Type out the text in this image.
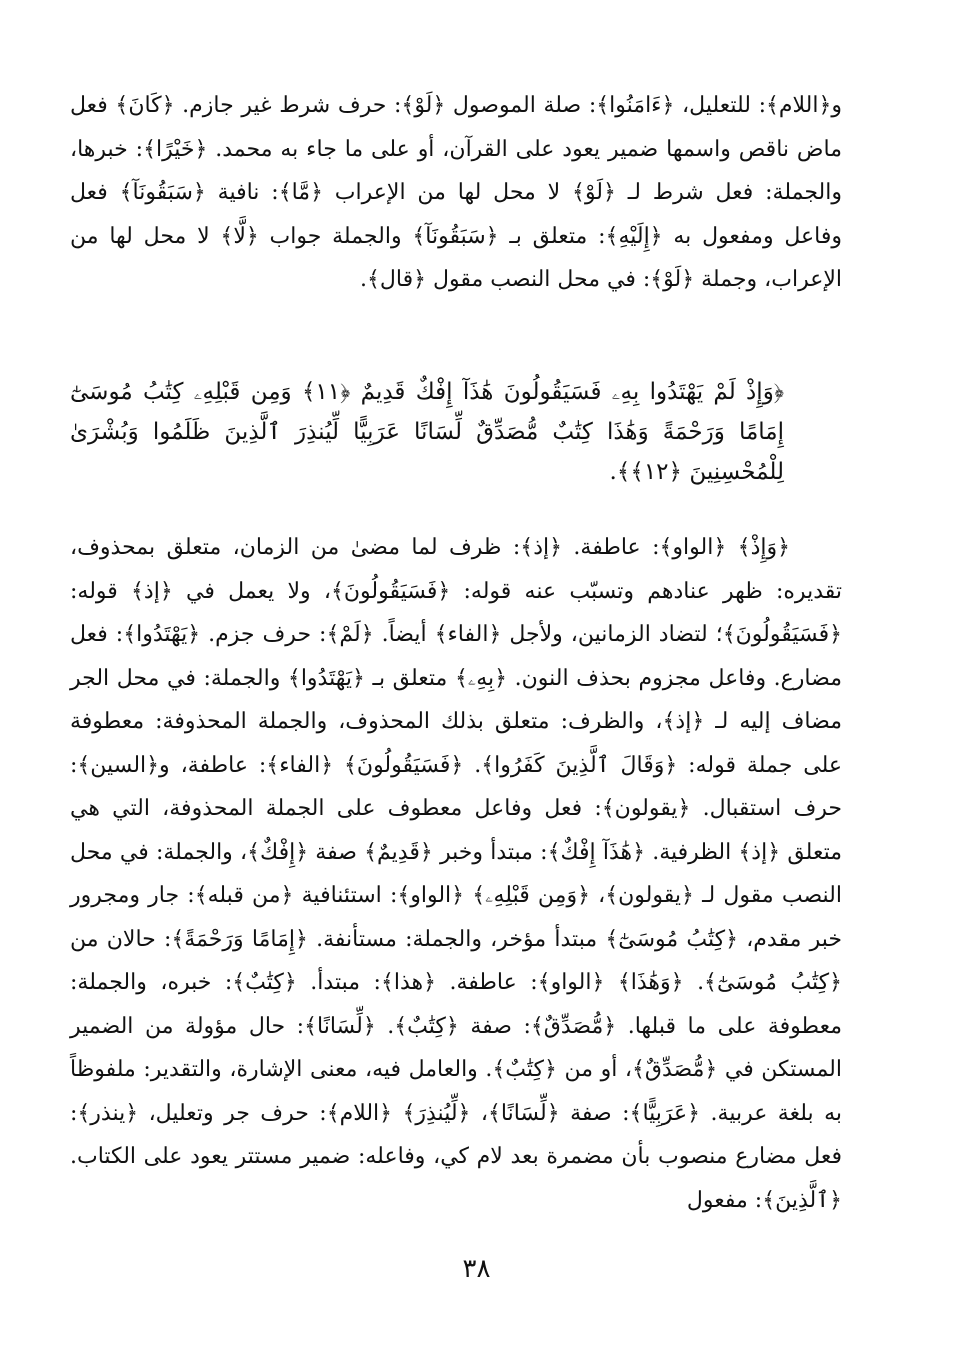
و﴿اللام﴾: للتعليل، ﴿ءَامَنُوا﴾: صلة الموصول ﴿لَوْ﴾: حرف شرط غير جازم. ﴿كَانَ﴾ فعل ماض ناقص واسمها ضمير يعود على القرآن، أو على ما جاء به محمد. ﴿خَيْرًا﴾: خبرها، والجملة: فعل شرط لـ ﴿لَوْ﴾ لا محل لها من الإعراب ﴿مَّا﴾: نافية ﴿سَبَقُونَآ﴾ فعل وفاعل ومفعول به ﴿إِلَيْهِ﴾: متعلق بـ ﴿سَبَقُونَآ﴾ والجملة جواب ﴿لَّا﴾ لا محل لها من الإعراب، وجملة ﴿لَوْ﴾: في محل النصب مقول ﴿قال﴾.

﴿وَإِذْ لَمْ يَهْتَدُوا بِهِۦ فَسَيَقُولُونَ هَٰذَآ إِفْكٌ قَدِيمٌ ﴿١١﴾ وَمِن قَبْلِهِۦ كِتَٰبُ مُوسَىٰٓ إِمَامًا وَرَحْمَةً وَهَٰذَا كِتَٰبٌ مُّصَدِّقٌ لِّسَانًا عَرَبِيًّا لِّيُنذِرَ ٱلَّذِينَ ظَلَمُوا وَبُشْرَىٰ لِلْمُحْسِنِينَ ﴿١٢﴾﴾.

﴿وَإِذْ﴾ ﴿الواو﴾: عاطفة. ﴿إذ﴾: ظرف لما مضىٰ من الزمان، متعلق بمحذوف، تقديره: ظهر عنادهم وتسبّب عنه قوله: ﴿فَسَيَقُولُونَ﴾، ولا يعمل في ﴿إذ﴾ قوله: ﴿فَسَيَقُولُونَ﴾؛ لتضاد الزمانين، ولأجل ﴿الفاء﴾ أيضاً. ﴿لَمْ﴾: حرف جزم. ﴿يَهْتَدُوا﴾: فعل مضارع. وفاعل مجزوم بحذف النون. ﴿بِهِۦ﴾ متعلق بـ ﴿يَهْتَدُوا﴾ والجملة: في محل الجر مضاف إليه لـ ﴿إذ﴾، والظرف: متعلق بذلك المحذوف، والجملة المحذوفة: معطوفة على جملة قوله: ﴿وَقَالَ ٱلَّذِينَ كَفَرُوا﴾. ﴿فَسَيَقُولُونَ﴾ ﴿الفاء﴾: عاطفة، و﴿السين﴾: حرف استقبال. ﴿يقولون﴾: فعل وفاعل معطوف على الجملة المحذوفة، التي هي متعلق ﴿إذ﴾ الظرفية. ﴿هَٰذَآ إِفْكٌ﴾: مبتدأ وخبر ﴿قَدِيمٌ﴾ صفة ﴿إِفْكٌ﴾، والجملة: في محل النصب مقول لـ ﴿يقولون﴾، ﴿وَمِن قَبْلِهِۦ﴾ ﴿الواو﴾: استئنافية ﴿من قبله﴾: جار ومجرور خبر مقدم، ﴿كِتَٰبُ مُوسَىٰٓ﴾ مبتدأ مؤخر، والجملة: مستأنفة. ﴿إِمَامًا وَرَحْمَةً﴾: حالان من ﴿كِتَٰبُ مُوسَىٰٓ﴾. ﴿وَهَٰذَا﴾ ﴿الواو﴾: عاطفة. ﴿هذا﴾: مبتدأ. ﴿كِتَٰبٌ﴾: خبره، والجملة: معطوفة على ما قبلها. ﴿مُّصَدِّقٌ﴾: صفة ﴿كِتَٰبٌ﴾. ﴿لِّسَانًا﴾: حال مؤولة من الضمير المستكن في ﴿مُّصَدِّقٌ﴾، أو من ﴿كِتَٰبٌ﴾. والعامل فيه، معنى الإشارة، والتقدير: ملفوظاً به بلغة عربية. ﴿عَرَبِيًّا﴾: صفة ﴿لِّسَانًا﴾، ﴿لِّيُنذِرَ﴾ ﴿اللام﴾: حرف جر وتعليل، ﴿ينذر﴾: فعل مضارع منصوب بأن مضمرة بعد لام كي، وفاعله: ضمير مستتر يعود على الكتاب. ﴿ٱلَّذِينَ﴾: مفعول

٣٨
